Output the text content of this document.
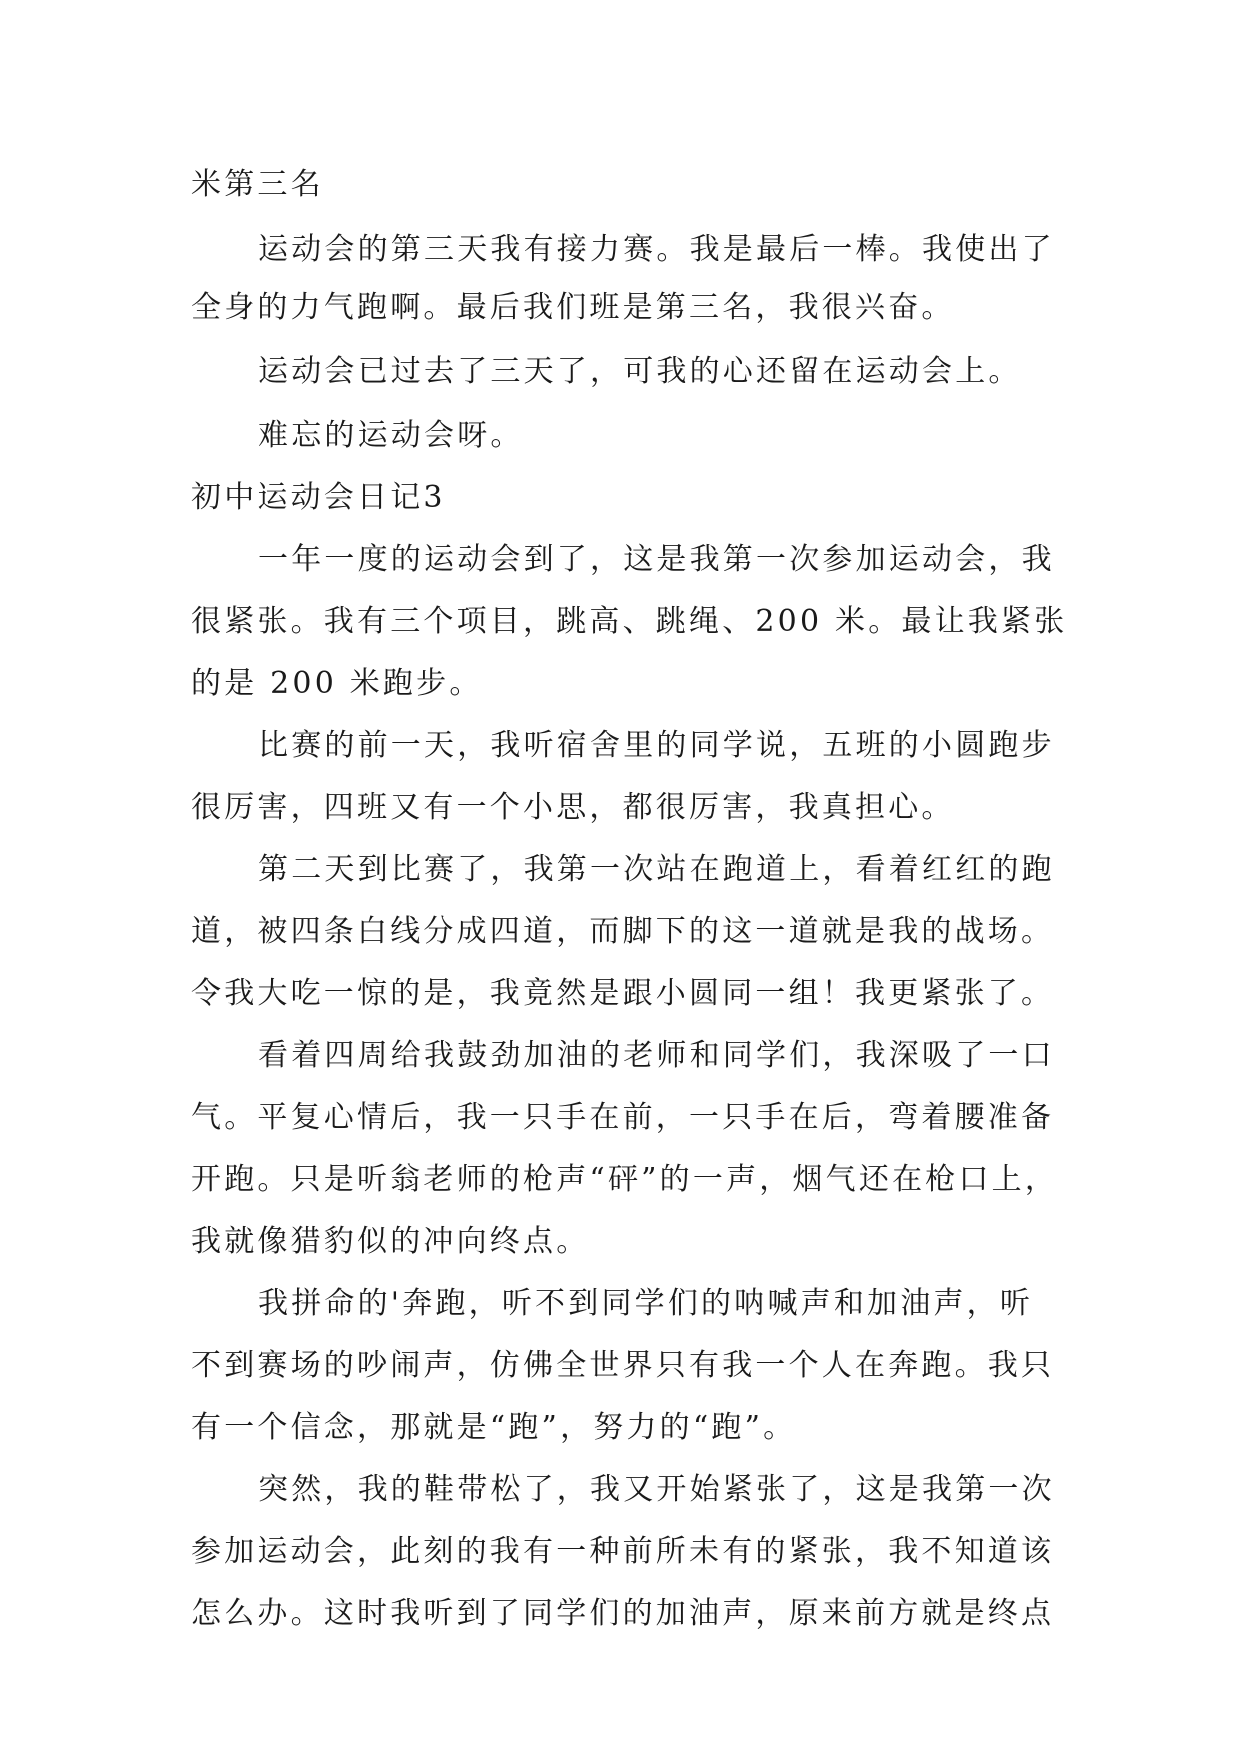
米第三名
运动会的第三天我有接力赛。我是最后一棒。我使出了
全身的力气跑啊。最后我们班是第三名，我很兴奋。
运动会已过去了三天了，可我的心还留在运动会上。
难忘的运动会呀。
初中运动会日记3
一年一度的运动会到了，这是我第一次参加运动会，我
很紧张。我有三个项目，跳高、跳绳、200 米。最让我紧张
的是 200 米跑步。
比赛的前一天，我听宿舍里的同学说，五班的小圆跑步
很厉害，四班又有一个小思，都很厉害，我真担心。
第二天到比赛了，我第一次站在跑道上，看着红红的跑
道，被四条白线分成四道，而脚下的这一道就是我的战场。
令我大吃一惊的是，我竟然是跟小圆同一组！我更紧张了。
看着四周给我鼓劲加油的老师和同学们，我深吸了一口
气。平复心情后，我一只手在前，一只手在后，弯着腰准备
开跑。只是听翁老师的枪声“砰”的一声，烟气还在枪口上，
我就像猎豹似的冲向终点。
我拼命的'奔跑，听不到同学们的呐喊声和加油声，听
不到赛场的吵闹声，仿佛全世界只有我一个人在奔跑。我只
有一个信念，那就是“跑”，努力的“跑”。
突然，我的鞋带松了，我又开始紧张了，这是我第一次
参加运动会，此刻的我有一种前所未有的紧张，我不知道该
怎么办。这时我听到了同学们的加油声，原来前方就是终点
